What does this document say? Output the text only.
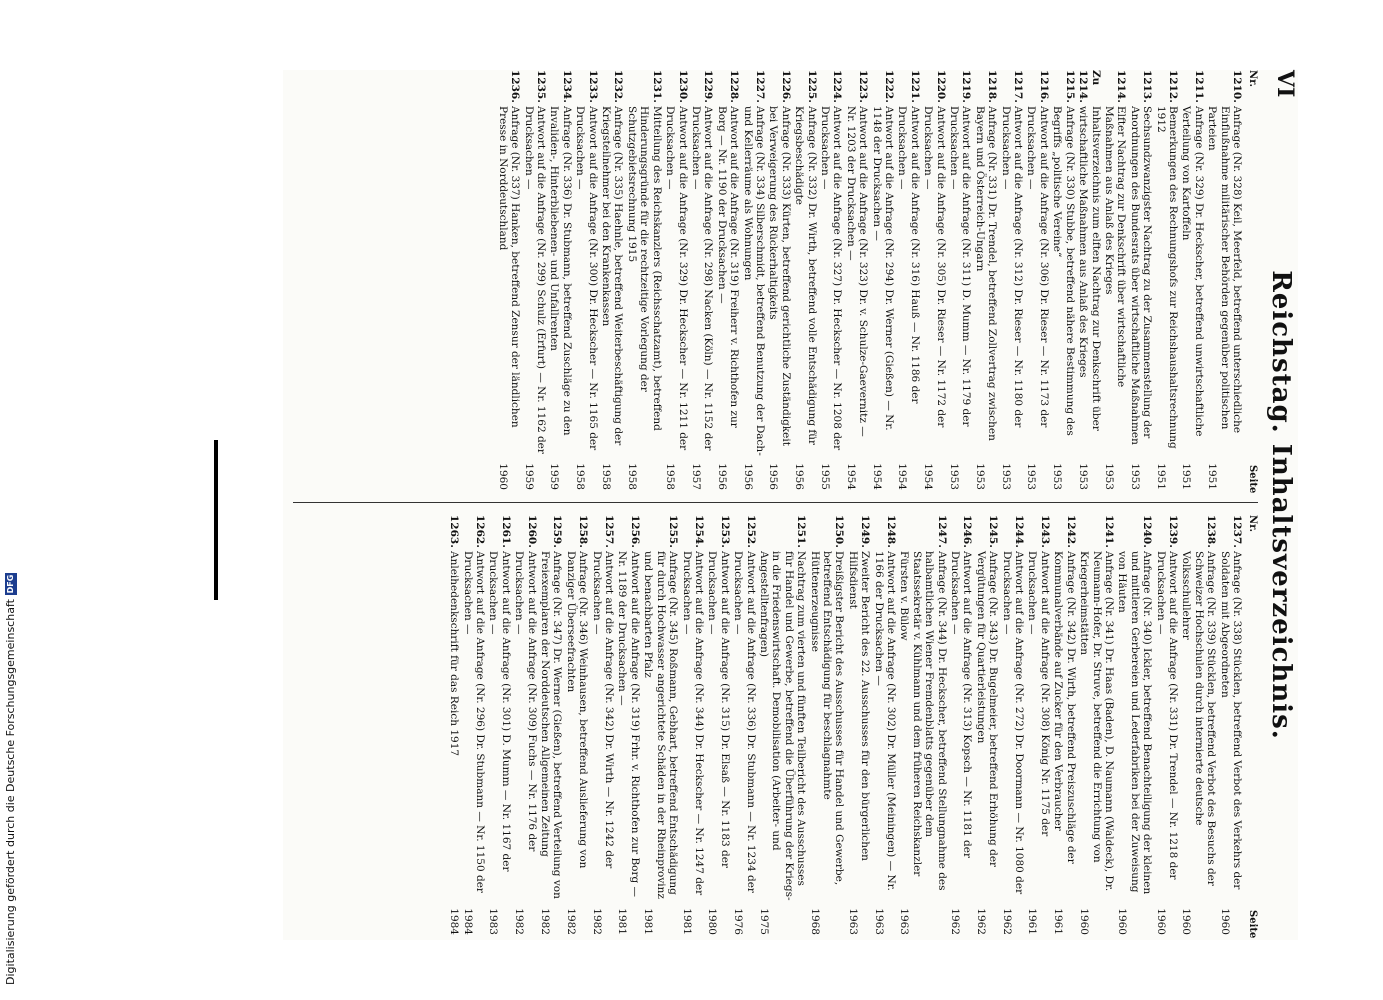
VI
Reichstag. Inhaltsverzeichnis.
Nr.
Seite
Nr.
Seite
1210.
Anfrage (Nr. 328) Keil, Meerfeld, betreffend unterschiedliche Einflußnahme militärischer Behörden gegenüber politischen Parteien
1951
1211.
Anfrage (Nr. 329) Dr. Heckscher, betreffend unwirtschaftliche Verteilung von Kartoffeln
1951
1212.
Bemerkungen des Rechnungshofs zur Reichshaushaltsrechnung 1912
1951
1213.
Sechsundzwanzigster Nachtrag zu der Zusammenstellung der Anordnungen des Bundesrats über wirtschaftliche Maßnahmen
1953
1214.
Elfter Nachtrag zur Denkschrift über wirtschaftliche Maßnahmen aus Anlaß des Krieges
1953
Zu 1214.
Inhaltsverzeichnis zum elften Nachtrag zur Denkschrift über wirtschaftliche Maßnahmen aus Anlaß des Krieges
1953
1215.
Anfrage (Nr. 330) Stubbe, betreffend nähere Bestimmung des Begriffs „politische Vereine“
1953
1216.
Antwort auf die Anfrage (Nr. 306) Dr. Rieser — Nr. 1173 der Drucksachen —
1953
1217.
Antwort auf die Anfrage (Nr. 312) Dr. Rieser — Nr. 1180 der Drucksachen —
1953
1218.
Anfrage (Nr. 331) Dr. Trendel, betreffend Zollvertrag zwischen Bayern und Österreich-Ungarn
1953
1219.
Antwort auf die Anfrage (Nr. 311) D. Mumm — Nr. 1179 der Drucksachen —
1953
1220.
Antwort auf die Anfrage (Nr. 305) Dr. Rieser — Nr. 1172 der Drucksachen —
1954
1221.
Antwort auf die Anfrage (Nr. 316) Hauß — Nr. 1186 der Drucksachen —
1954
1222.
Antwort auf die Anfrage (Nr. 294) Dr. Werner (Gießen) — Nr. 1148 der Drucksachen —
1954
1223.
Antwort auf die Anfrage (Nr. 323) Dr. v. Schulze-Gaevernitz — Nr. 1203 der Drucksachen —
1954
1224.
Antwort auf die Anfrage (Nr. 327) Dr. Heckscher — Nr. 1208 der Drucksachen —
1955
1225.
Anfrage (Nr. 332) Dr. Wirth, betreffend volle Entschädigung für Kriegsbeschädigte
1956
1226.
Anfrage (Nr. 333) Kürten, betreffend gerichtliche Zuständigkeit bei Verweigerung des Rückerhaltigkeits
1956
1227.
Anfrage (Nr. 334) Silberschmidt, betreffend Benutzung der Dach- und Kellerräume als Wohnungen
1956
1228.
Antwort auf die Anfrage (Nr. 319) Freiherr v. Richthofen zur Borg — Nr. 1190 der Drucksachen —
1956
1229.
Antwort auf die Anfrage (Nr. 298) Nacken (Köln) — Nr. 1152 der Drucksachen —
1957
1230.
Antwort auf die Anfrage (Nr. 329) Dr. Heckscher — Nr. 1211 der Drucksachen —
1958
1231.
Mitteilung des Reichskanzlers (Reichsschatzamt), betreffend Hinderungsgründe für die rechtzeitige Vorlegung der Schutzgebietsrechnung 1915
1958
1232.
Anfrage (Nr. 335) Haehnle, betreffend Weiterbeschäftigung der Kriegsteilnehmer bei den Krankenkassen
1958
1233.
Antwort auf die Anfrage (Nr. 300) Dr. Heckscher — Nr. 1165 der Drucksachen —
1958
1234.
Anfrage (Nr. 336) Dr. Stubmann, betreffend Zuschläge zu den Invaliden-, Hinterbliebenen- und Unfallrenten
1959
1235.
Antwort auf die Anfrage (Nr. 299) Schulz (Erfurt) — Nr. 1162 der Drucksachen —
1959
1236.
Anfrage (Nr. 337) Hanken, betreffend Zensur der ländlichen Presse in Norddeutschland
1960
1237.
Anfrage (Nr. 338) Stücklen, betreffend Verbot des Verkehrs der Soldaten mit Abgeordneten
1960
1238.
Anfrage (Nr. 339) Stücklen, betreffend Verbot des Besuchs der Schweizer Hochschulen durch internierte deutsche Volksschullehrer
1960
1239.
Antwort auf die Anfrage (Nr. 331) Dr. Trendel — Nr. 1218 der Drucksachen —
1960
1240.
Anfrage (Nr. 340) Ickler, betreffend Benachteiligung der kleinen und mittleren Gerbereien und Lederfabriken bei der Zuweisung von Häuten
1960
1241.
Anfrage (Nr. 341) Dr. Haas (Baden), D. Naumann (Waldeck), Dr. Neumann-Hofer, Dr. Struve, betreffend die Errichtung von Kriegerheimstätten
1960
1242.
Anfrage (Nr. 342) Dr. Wirth, betreffend Preiszuschläge der Kommunalverbände auf Zucker für den Verbraucher
1961
1243.
Antwort auf die Anfrage (Nr. 308) König Nr. 1175 der Drucksachen —
1961
1244.
Antwort auf die Anfrage (Nr. 272) Dr. Doormann — Nr. 1080 der Drucksachen —
1962
1245.
Anfrage (Nr. 343) Dr. Bugelmeier, betreffend Erhöhung der Vergütungen für Quartierleistungen
1962
1246.
Antwort auf die Anfrage (Nr. 313) Kopsch — Nr. 1181 der Drucksachen —
1962
1247.
Anfrage (Nr. 344) Dr. Heckscher, betreffend Stellungnahme des halbamtlichen Wiener Fremdenblatts gegenüber dem Staatssekretär v. Kühlmann und dem früheren Reichskanzler Fürsten v. Bülow
1963
1248.
Antwort auf die Anfrage (Nr. 302) Dr. Müller (Meiningen) — Nr. 1166 der Drucksachen —
1963
1249.
Zweiter Bericht des 22. Ausschusses für den bürgerlichen Hilfsdienst
1963
1250.
Dreißigster Bericht des Ausschusses für Handel und Gewerbe, betreffend Entschädigung für beschlagnahmte Hüttenerzeugnisse
1968
1251.
Nachtrag zum vierten und fünften Teilbericht des Ausschusses für Handel und Gewerbe, betreffend die Überführung der Kriegs- in die Friedenswirtschaft. Demobilisation (Arbeiter- und Angestelltenfragen)
1975
1252.
Antwort auf die Anfrage (Nr. 336) Dr. Stubmann — Nr. 1234 der Drucksachen —
1976
1253.
Antwort auf die Anfrage (Nr. 315) Dr. Elsaß — Nr. 1183 der Drucksachen —
1980
1254.
Antwort auf die Anfrage (Nr. 344) Dr. Heckscher — Nr. 1247 der Drucksachen —
1981
1255.
Anfrage (Nr. 345) Roßmann, Gebhart, betreffend Entschädigung für durch Hochwasser angerichtete Schäden in der Rheinprovinz und benachbarten Pfalz
1981
1256.
Antwort auf die Anfrage (Nr. 319) Frhr. v. Richthofen zur Borg — Nr. 1189 der Drucksachen —
1981
1257.
Antwort auf die Anfrage (Nr. 342) Dr. Wirth — Nr. 1242 der Drucksachen —
1982
1258.
Anfrage (Nr. 346) Weinhausen, betreffend Auslieferung von Danziger Überseefrachten
1982
1259.
Anfrage (Nr. 347) Dr. Werner (Gießen), betreffend Verteilung von Freiexemplaren der Norddeutschen Allgemeinen Zeitung
1982
1260.
Antwort auf die Anfrage (Nr. 309) Fuchs — Nr. 1176 der Drucksachen —
1982
1261.
Antwort auf die Anfrage (Nr. 301) D. Mumm — Nr. 1167 der Drucksachen —
1983
1262.
Antwort auf die Anfrage (Nr. 296) Dr. Stubmann — Nr. 1150 der Drucksachen —
1984
1263.
Anleihedenkschrift für das Reich 1917
1984
Digitalisierung gefördert durch die Deutsche Forschungsgemeinschaft
DFG
